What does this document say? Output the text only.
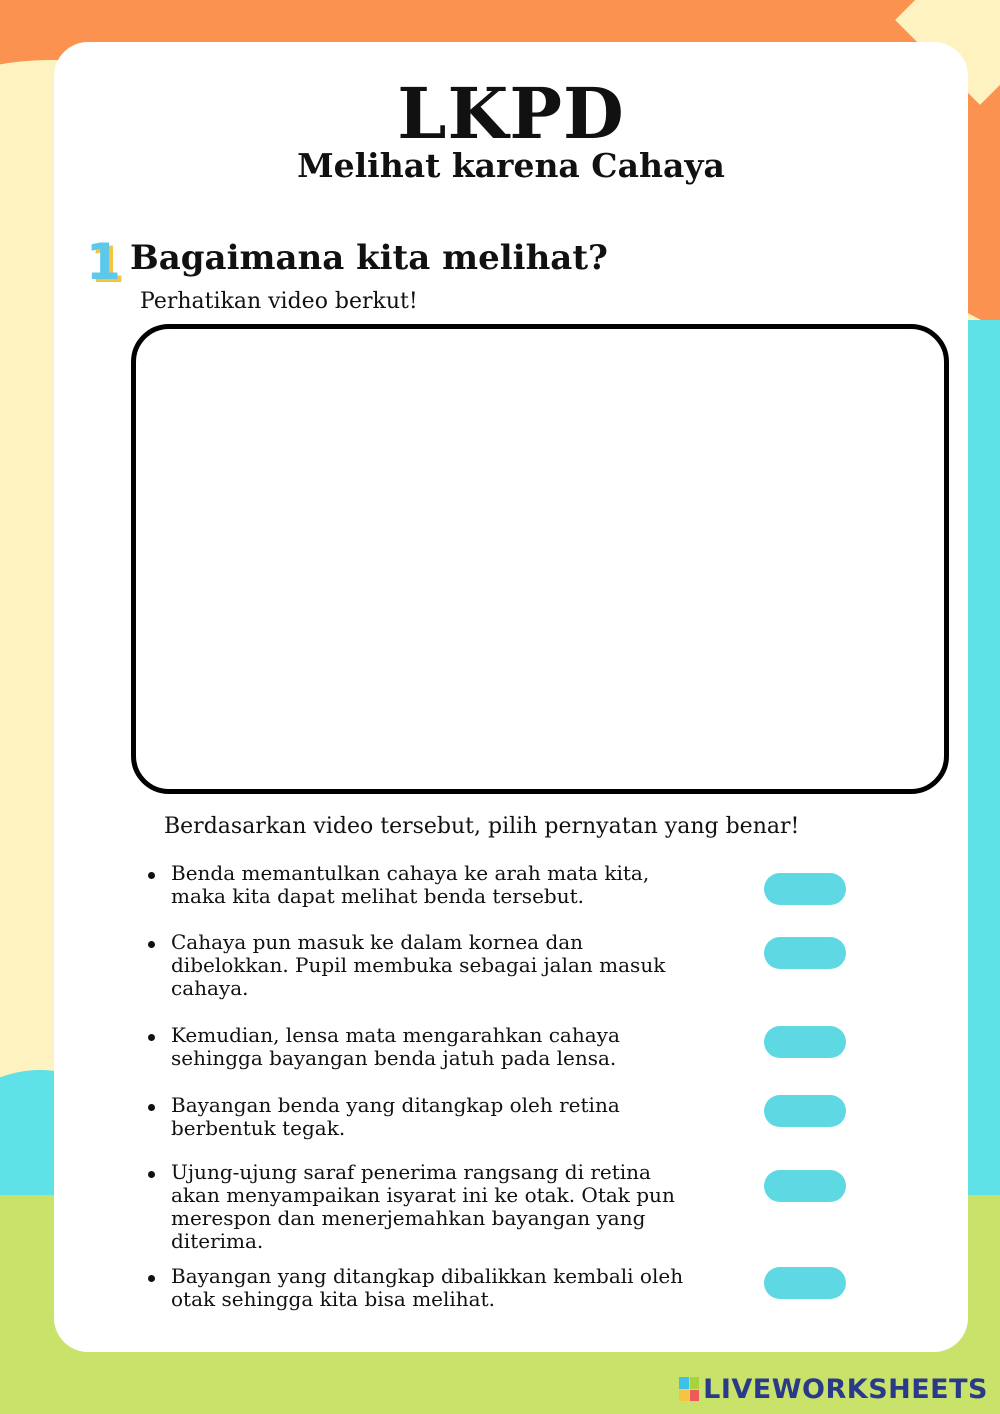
LKPD
Melihat karena Cahaya
1 Bagaimana kita melihat?
Perhatikan video berkut!
Berdasarkan video tersebut, pilih pernyatan yang benar!
Benda memantulkan cahaya ke arah mata kita,
maka kita dapat melihat benda tersebut.
Cahaya pun masuk ke dalam kornea dan
dibelokkan. Pupil membuka sebagai jalan masuk
cahaya.
Kemudian, lensa mata mengarahkan cahaya
sehingga bayangan benda jatuh pada lensa.
Bayangan benda yang ditangkap oleh retina
berbentuk tegak.
Ujung-ujung saraf penerima rangsang di retina
akan menyampaikan isyarat ini ke otak. Otak pun
merespon dan menerjemahkan bayangan yang
diterima.
Bayangan yang ditangkap dibalikkan kembali oleh
otak sehingga kita bisa melihat.
LIVEWORKSHEETS
